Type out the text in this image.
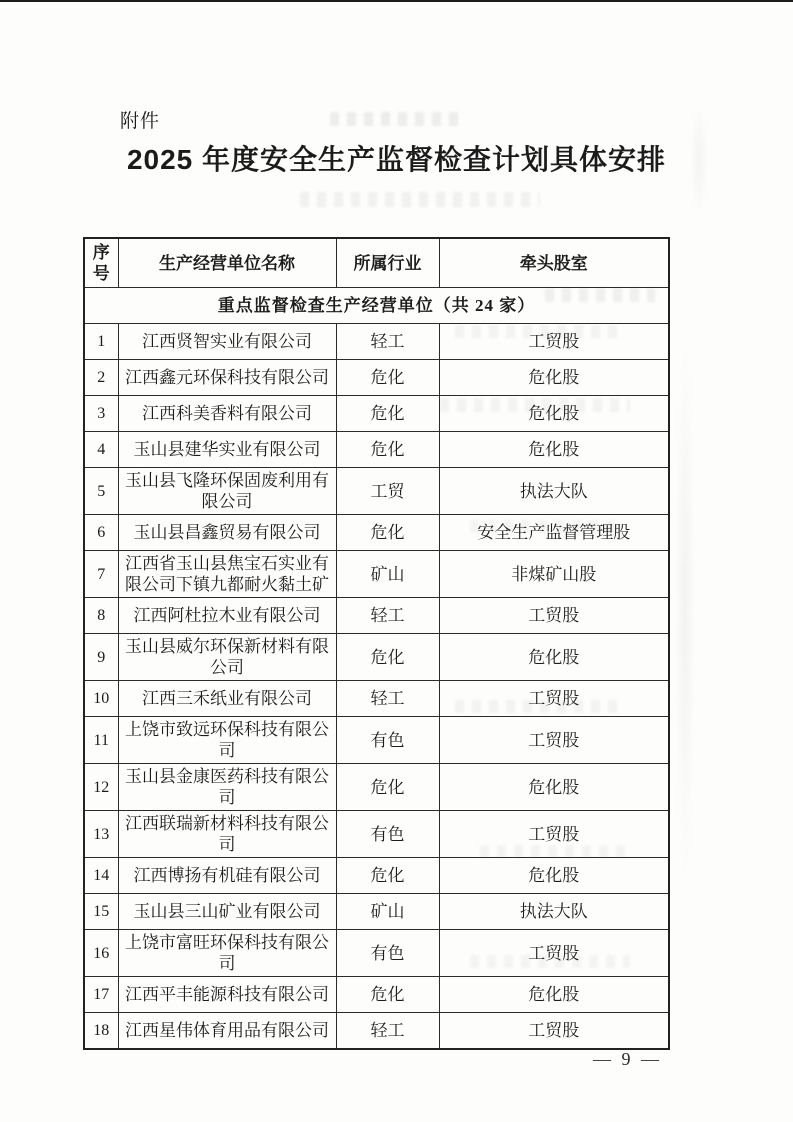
附件
2025 年度安全生产监督检查计划具体安排
序号	生产经营单位名称	所属行业	牵头股室
重点监督检查生产经营单位（共 24 家）			
1	江西贤智实业有限公司	轻工	工贸股
2	江西鑫元环保科技有限公司	危化	危化股
3	江西科美香料有限公司	危化	危化股
4	玉山县建华实业有限公司	危化	危化股
5	玉山县飞隆环保固废利用有限公司	工贸	执法大队
6	玉山县昌鑫贸易有限公司	危化	安全生产监督管理股
7	江西省玉山县焦宝石实业有限公司下镇九都耐火黏土矿	矿山	非煤矿山股
8	江西阿杜拉木业有限公司	轻工	工贸股
9	玉山县威尔环保新材料有限公司	危化	危化股
10	江西三禾纸业有限公司	轻工	工贸股
11	上饶市致远环保科技有限公司	有色	工贸股
12	玉山县金康医药科技有限公司	危化	危化股
13	江西联瑞新材料科技有限公司	有色	工贸股
14	江西博扬有机硅有限公司	危化	危化股
15	玉山县三山矿业有限公司	矿山	执法大队
16	上饶市富旺环保科技有限公司	有色	工贸股
17	江西平丰能源科技有限公司	危化	危化股
18	江西星伟体育用品有限公司	轻工	工贸股
— 9 —
